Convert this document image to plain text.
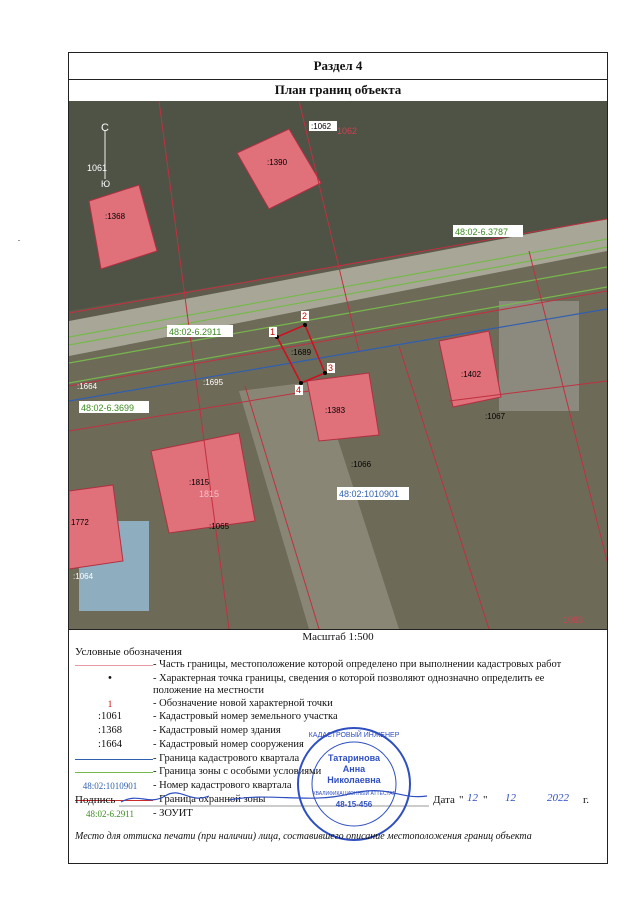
Раздел 4
План границ объекта
С
Ю
:1062 1062
:1390
1061
:1368
48:02-6.3787
48:02-6.2911
48:02-6.3699
1
2
3
4
:1689
:1664	:1695
:1402
:1383
:1067
:1066
48:02:1010901
:1815
1815
1772	:1065
:1064
1083
Масштаб 1:500
Условные обозначения
- Часть границы, местоположение которой определено при выполнении кадастровых работ
•	- Характерная точка границы, сведения о которой позволяют однозначно определить ее положение на местности
1	- Обозначение новой характерной точки
:1061	- Кадастровый номер земельного участка
:1368	- Кадастровый номер здания
:1664	- Кадастровый номер сооружения
- Граница кадастрового квартала
- Граница зоны с особыми условиями
48:02:1010901	- Номер кадастрового квартала
- Граница охранной зоны
48:02-6.2911	- ЗОУИТ
Подпись	Дата " 12 " 12	2022 г.
Татаринова
Анна
Николаевна
КВАЛИФИКАЦИОННЫЙ АТТЕСТАТ
48-15-456
КАДАСТРОВЫЙ ИНЖЕНЕР
Место для оттиска печати (при наличии) лица, составившего описание местоположения границ объекта
